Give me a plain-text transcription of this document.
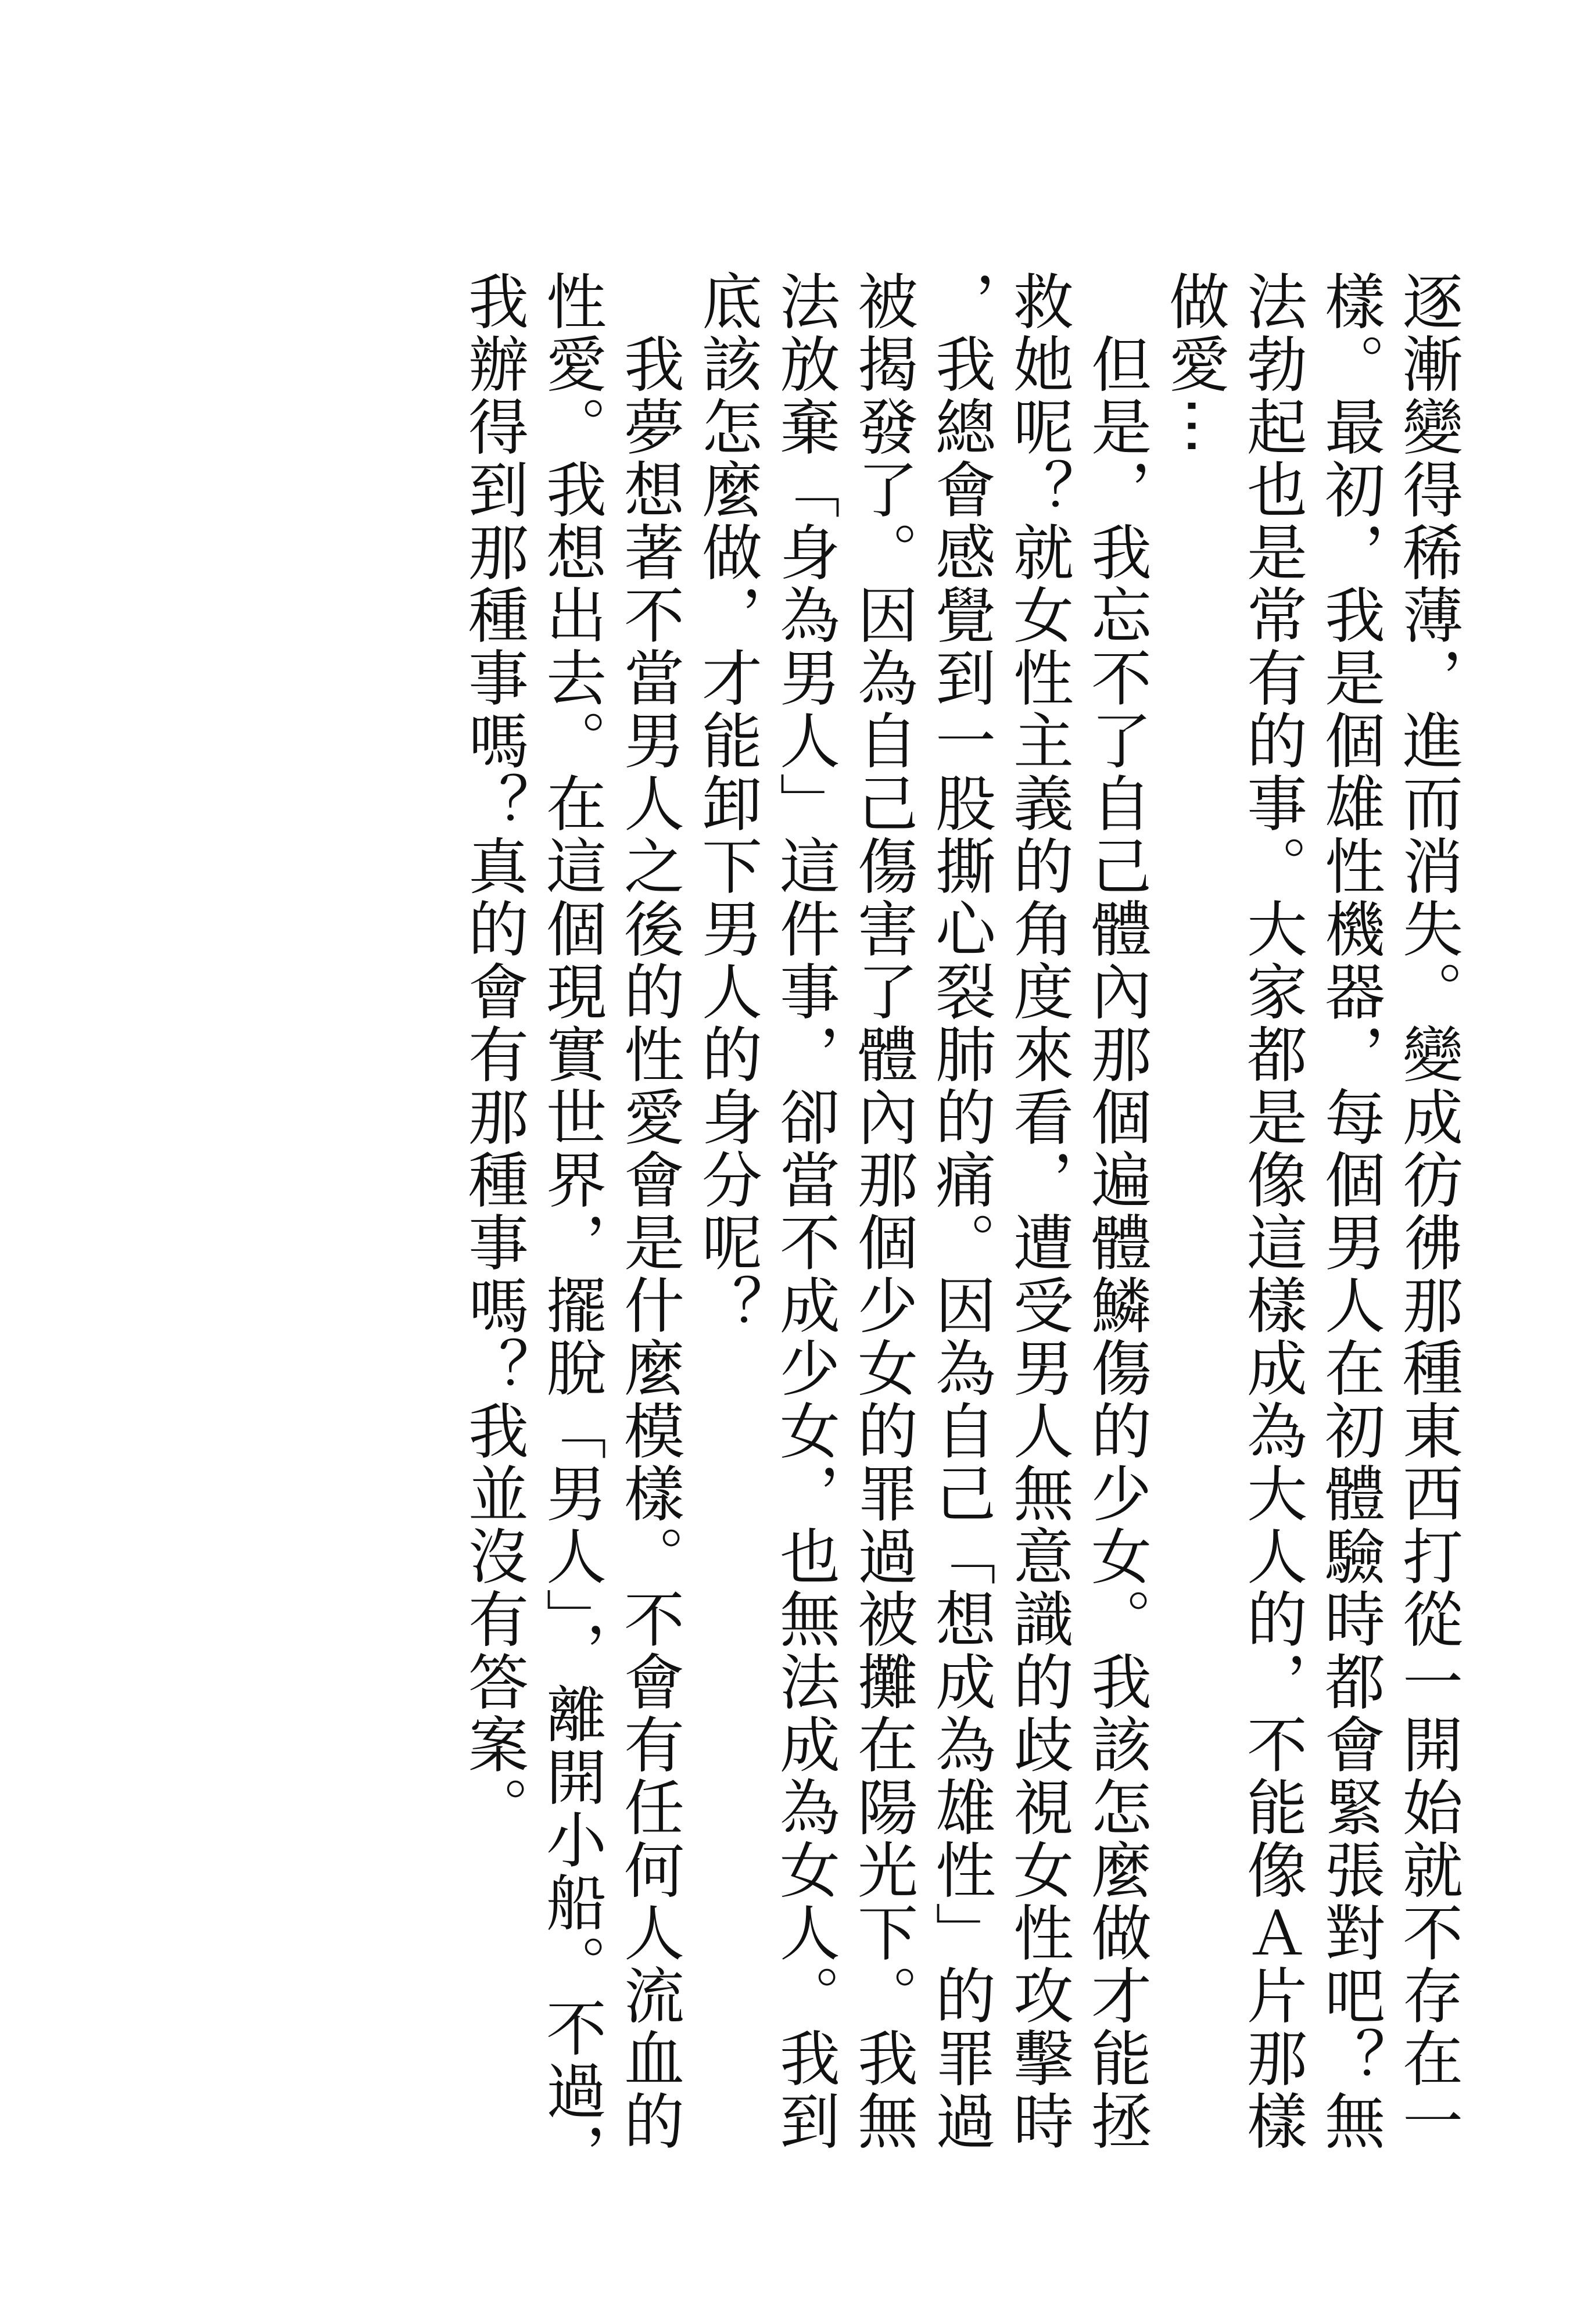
逐漸變得稀薄，進而消失。變成彷彿那種東西打從一開始就不存在一樣。最初，我是個雄性機器，每個男人在初體驗時都會緊張對吧？無法勃起也是常有的事。大家都是像這樣成為大人的，不能像Ａ片那樣做愛⋯

　但是，我忘不了自己體內那個遍體鱗傷的少女。我該怎麼做才能拯救她呢？就女性主義的角度來看，遭受男人無意識的歧視女性攻擊時，我總會感覺到一股撕心裂肺的痛。因為自己「想成為雄性」的罪過被揭發了。因為自己傷害了體內那個少女的罪過被攤在陽光下。我無法放棄「身為男人」這件事，卻當不成少女，也無法成為女人。我到底該怎麼做，才能卸下男人的身分呢？

　我夢想著不當男人之後的性愛會是什麼模樣。不會有任何人流血的性愛。我想出去。在這個現實世界，擺脫「男人」，離開小船。不過，我辦得到那種事嗎？真的會有那種事嗎？我並沒有答案。
